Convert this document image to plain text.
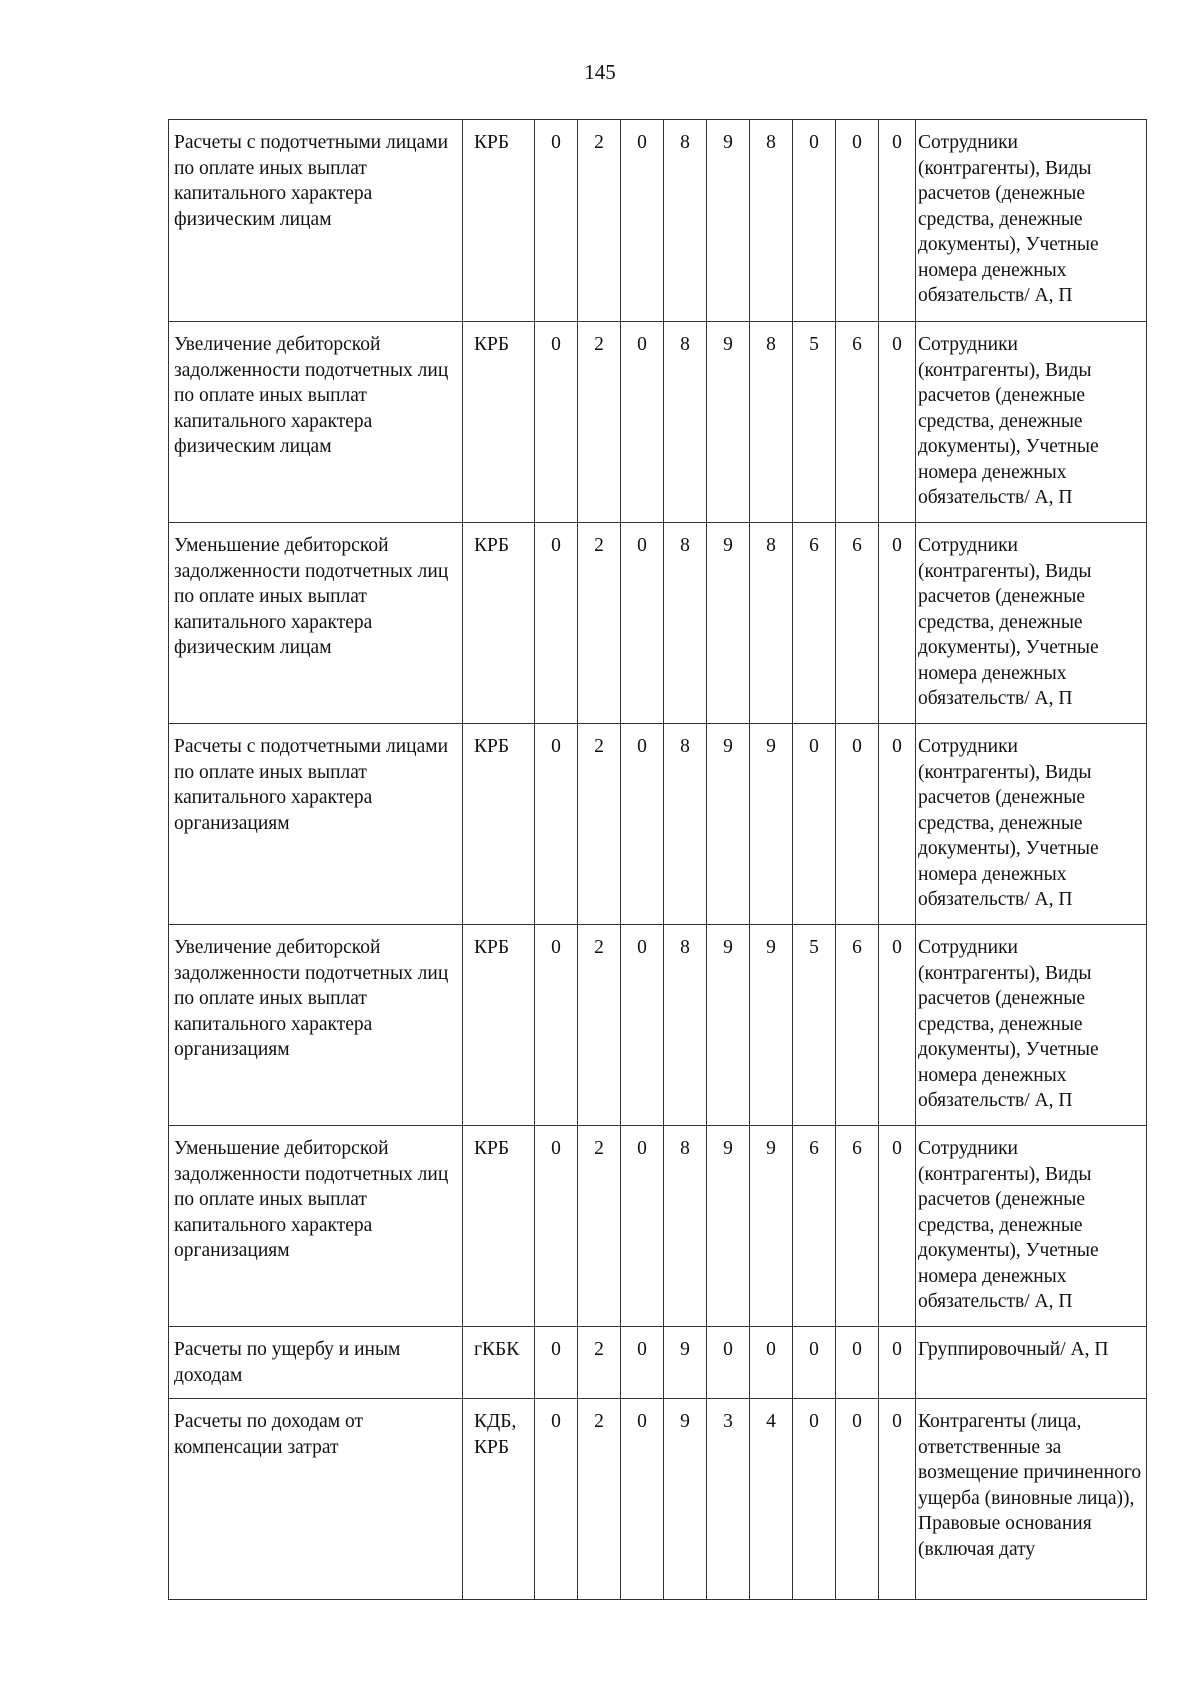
145
Расчеты с подотчетными лицами по оплате иных выплат капитального характера физическим лицам	КРБ	0	2	0	8	9	8	0	0	0	Сотрудники (контрагенты), Виды расчетов (денежные средства, денежные документы), Учетные номера денежных обязательств/ А, П
Увеличение дебиторской задолженности подотчетных лиц по оплате иных выплат капитального характера физическим лицам	КРБ	0	2	0	8	9	8	5	6	0	Сотрудники (контрагенты), Виды расчетов (денежные средства, денежные документы), Учетные номера денежных обязательств/ А, П
Уменьшение дебиторской задолженности подотчетных лиц по оплате иных выплат капитального характера физическим лицам	КРБ	0	2	0	8	9	8	6	6	0	Сотрудники (контрагенты), Виды расчетов (денежные средства, денежные документы), Учетные номера денежных обязательств/ А, П
Расчеты с подотчетными лицами по оплате иных выплат капитального характера организациям	КРБ	0	2	0	8	9	9	0	0	0	Сотрудники (контрагенты), Виды расчетов (денежные средства, денежные документы), Учетные номера денежных обязательств/ А, П
Увеличение дебиторской задолженности подотчетных лиц по оплате иных выплат капитального характера организациям	КРБ	0	2	0	8	9	9	5	6	0	Сотрудники (контрагенты), Виды расчетов (денежные средства, денежные документы), Учетные номера денежных обязательств/ А, П
Уменьшение дебиторской задолженности подотчетных лиц по оплате иных выплат капитального характера организациям	КРБ	0	2	0	8	9	9	6	6	0	Сотрудники (контрагенты), Виды расчетов (денежные средства, денежные документы), Учетные номера денежных обязательств/ А, П
Расчеты по ущербу и иным доходам	гКБК	0	2	0	9	0	0	0	0	0	Группировочный/ А, П
Расчеты по доходам от компенсации затрат	КДБ, КРБ	0	2	0	9	3	4	0	0	0	Контрагенты (лица, ответственные за возмещение причиненного ущерба (виновные лица)), Правовые основания (включая дату
